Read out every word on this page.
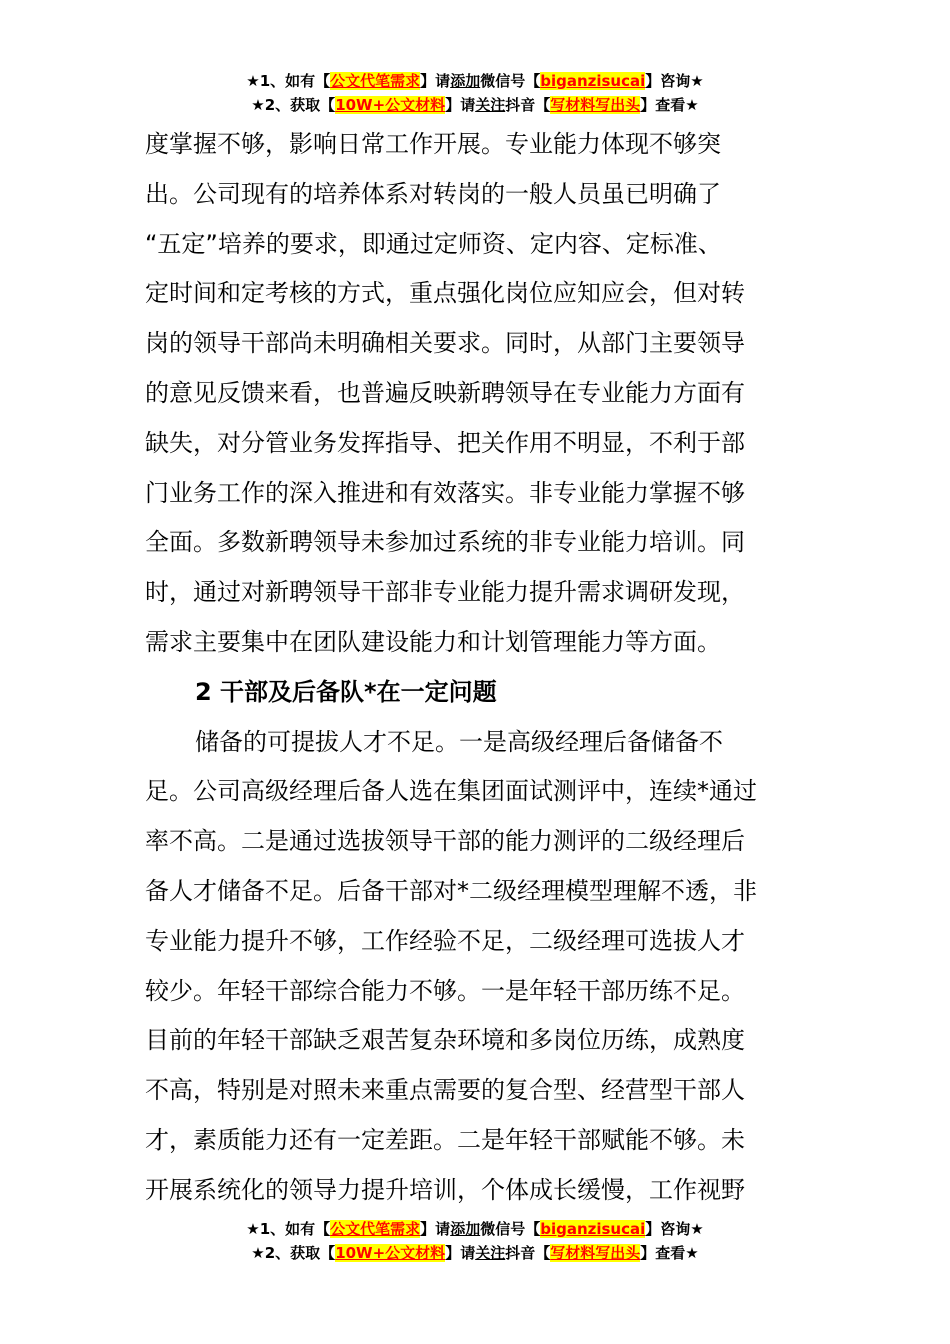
★1、如有【公文代笔需求】请添加微信号【biganzisucai】咨询★
★2、获取【10W+公文材料】请关注抖音【写材料写出头】查看★
度掌握不够，影响日常工作开展。专业能力体现不够突
出。公司现有的培养体系对转岗的一般人员虽已明确了
“五定”培养的要求，即通过定师资、定内容、定标准、
定时间和定考核的方式，重点强化岗位应知应会，但对转
岗的领导干部尚未明确相关要求。同时，从部门主要领导
的意见反馈来看，也普遍反映新聘领导在专业能力方面有
缺失，对分管业务发挥指导、把关作用不明显，不利于部
门业务工作的深入推进和有效落实。非专业能力掌握不够
全面。多数新聘领导未参加过系统的非专业能力培训。同
时，通过对新聘领导干部非专业能力提升需求调研发现，
需求主要集中在团队建设能力和计划管理能力等方面。
2 干部及后备队*在一定问题
储备的可提拔人才不足。一是高级经理后备储备不
足。公司高级经理后备人选在集团面试测评中，连续*通过
率不高。二是通过选拔领导干部的能力测评的二级经理后
备人才储备不足。后备干部对*二级经理模型理解不透，非
专业能力提升不够，工作经验不足，二级经理可选拔人才
较少。年轻干部综合能力不够。一是年轻干部历练不足。
目前的年轻干部缺乏艰苦复杂环境和多岗位历练，成熟度
不高，特别是对照未来重点需要的复合型、经营型干部人
才，素质能力还有一定差距。二是年轻干部赋能不够。未
开展系统化的领导力提升培训，个体成长缓慢，工作视野
★1、如有【公文代笔需求】请添加微信号【biganzisucai】咨询★
★2、获取【10W+公文材料】请关注抖音【写材料写出头】查看★
